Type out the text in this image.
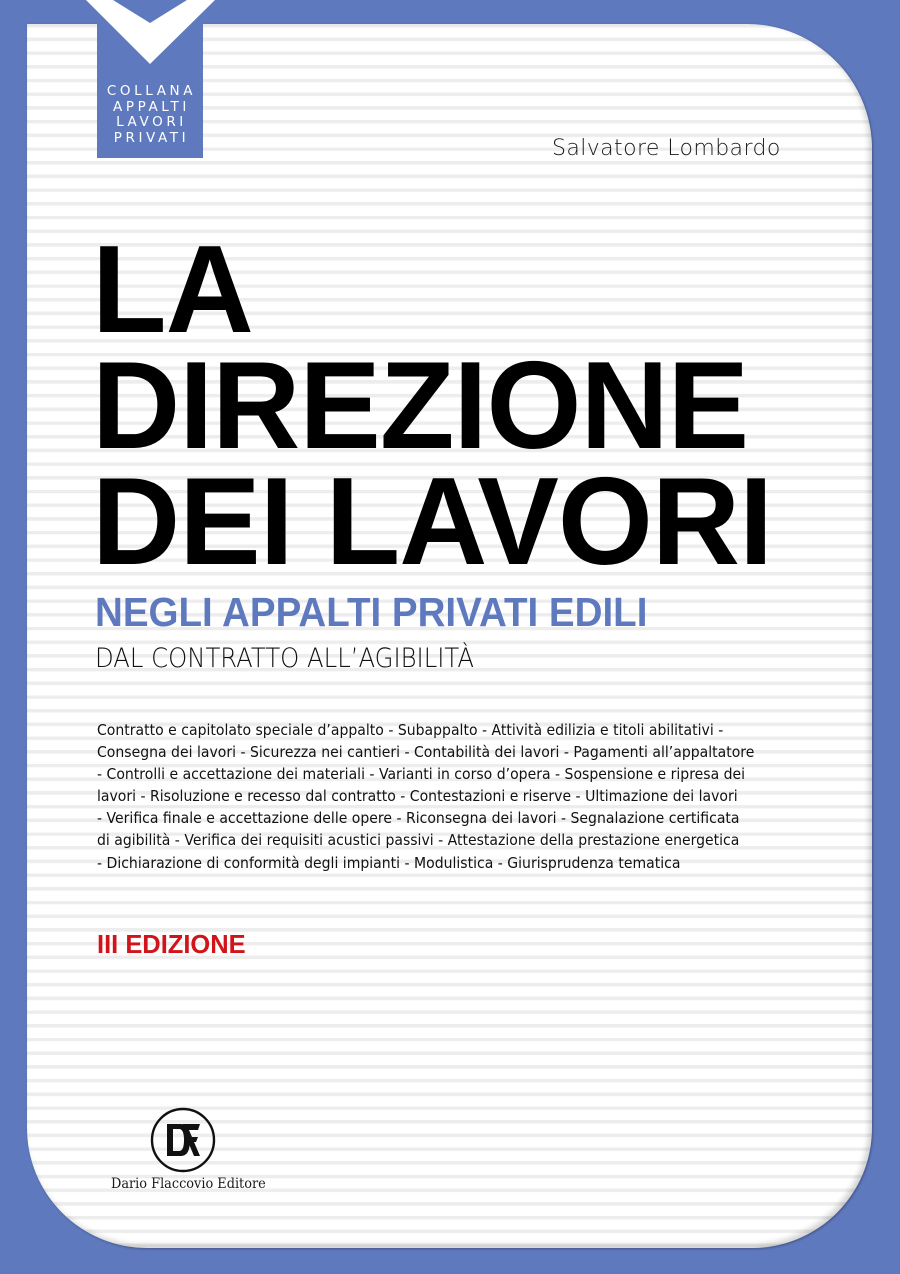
COLLANA
APPALTI
LAVORI
PRIVATI	Salvatore Lombardo
LA
DIREZIONE
DEI LAVORI
NEGLI APPALTI PRIVATI EDILI
DAL CONTRATTO ALL’AGIBILITÀ
Contratto e capitolato speciale d’appalto - Subappalto - Attività edilizia e titoli abilitativi -
Consegna dei lavori - Sicurezza nei cantieri - Contabilità dei lavori - Pagamenti all’appaltatore
- Controlli e accettazione dei materiali - Varianti in corso d’opera - Sospensione e ripresa dei
lavori - Risoluzione e recesso dal contratto - Contestazioni e riserve - Ultimazione dei lavori
- Verifica finale e accettazione delle opere - Riconsegna dei lavori - Segnalazione certificata
di agibilità - Verifica dei requisiti acustici passivi - Attestazione della prestazione energetica
- Dichiarazione di conformità degli impianti - Modulistica - Giurisprudenza tematica
III EDIZIONE
Dario Flaccovio Editore
